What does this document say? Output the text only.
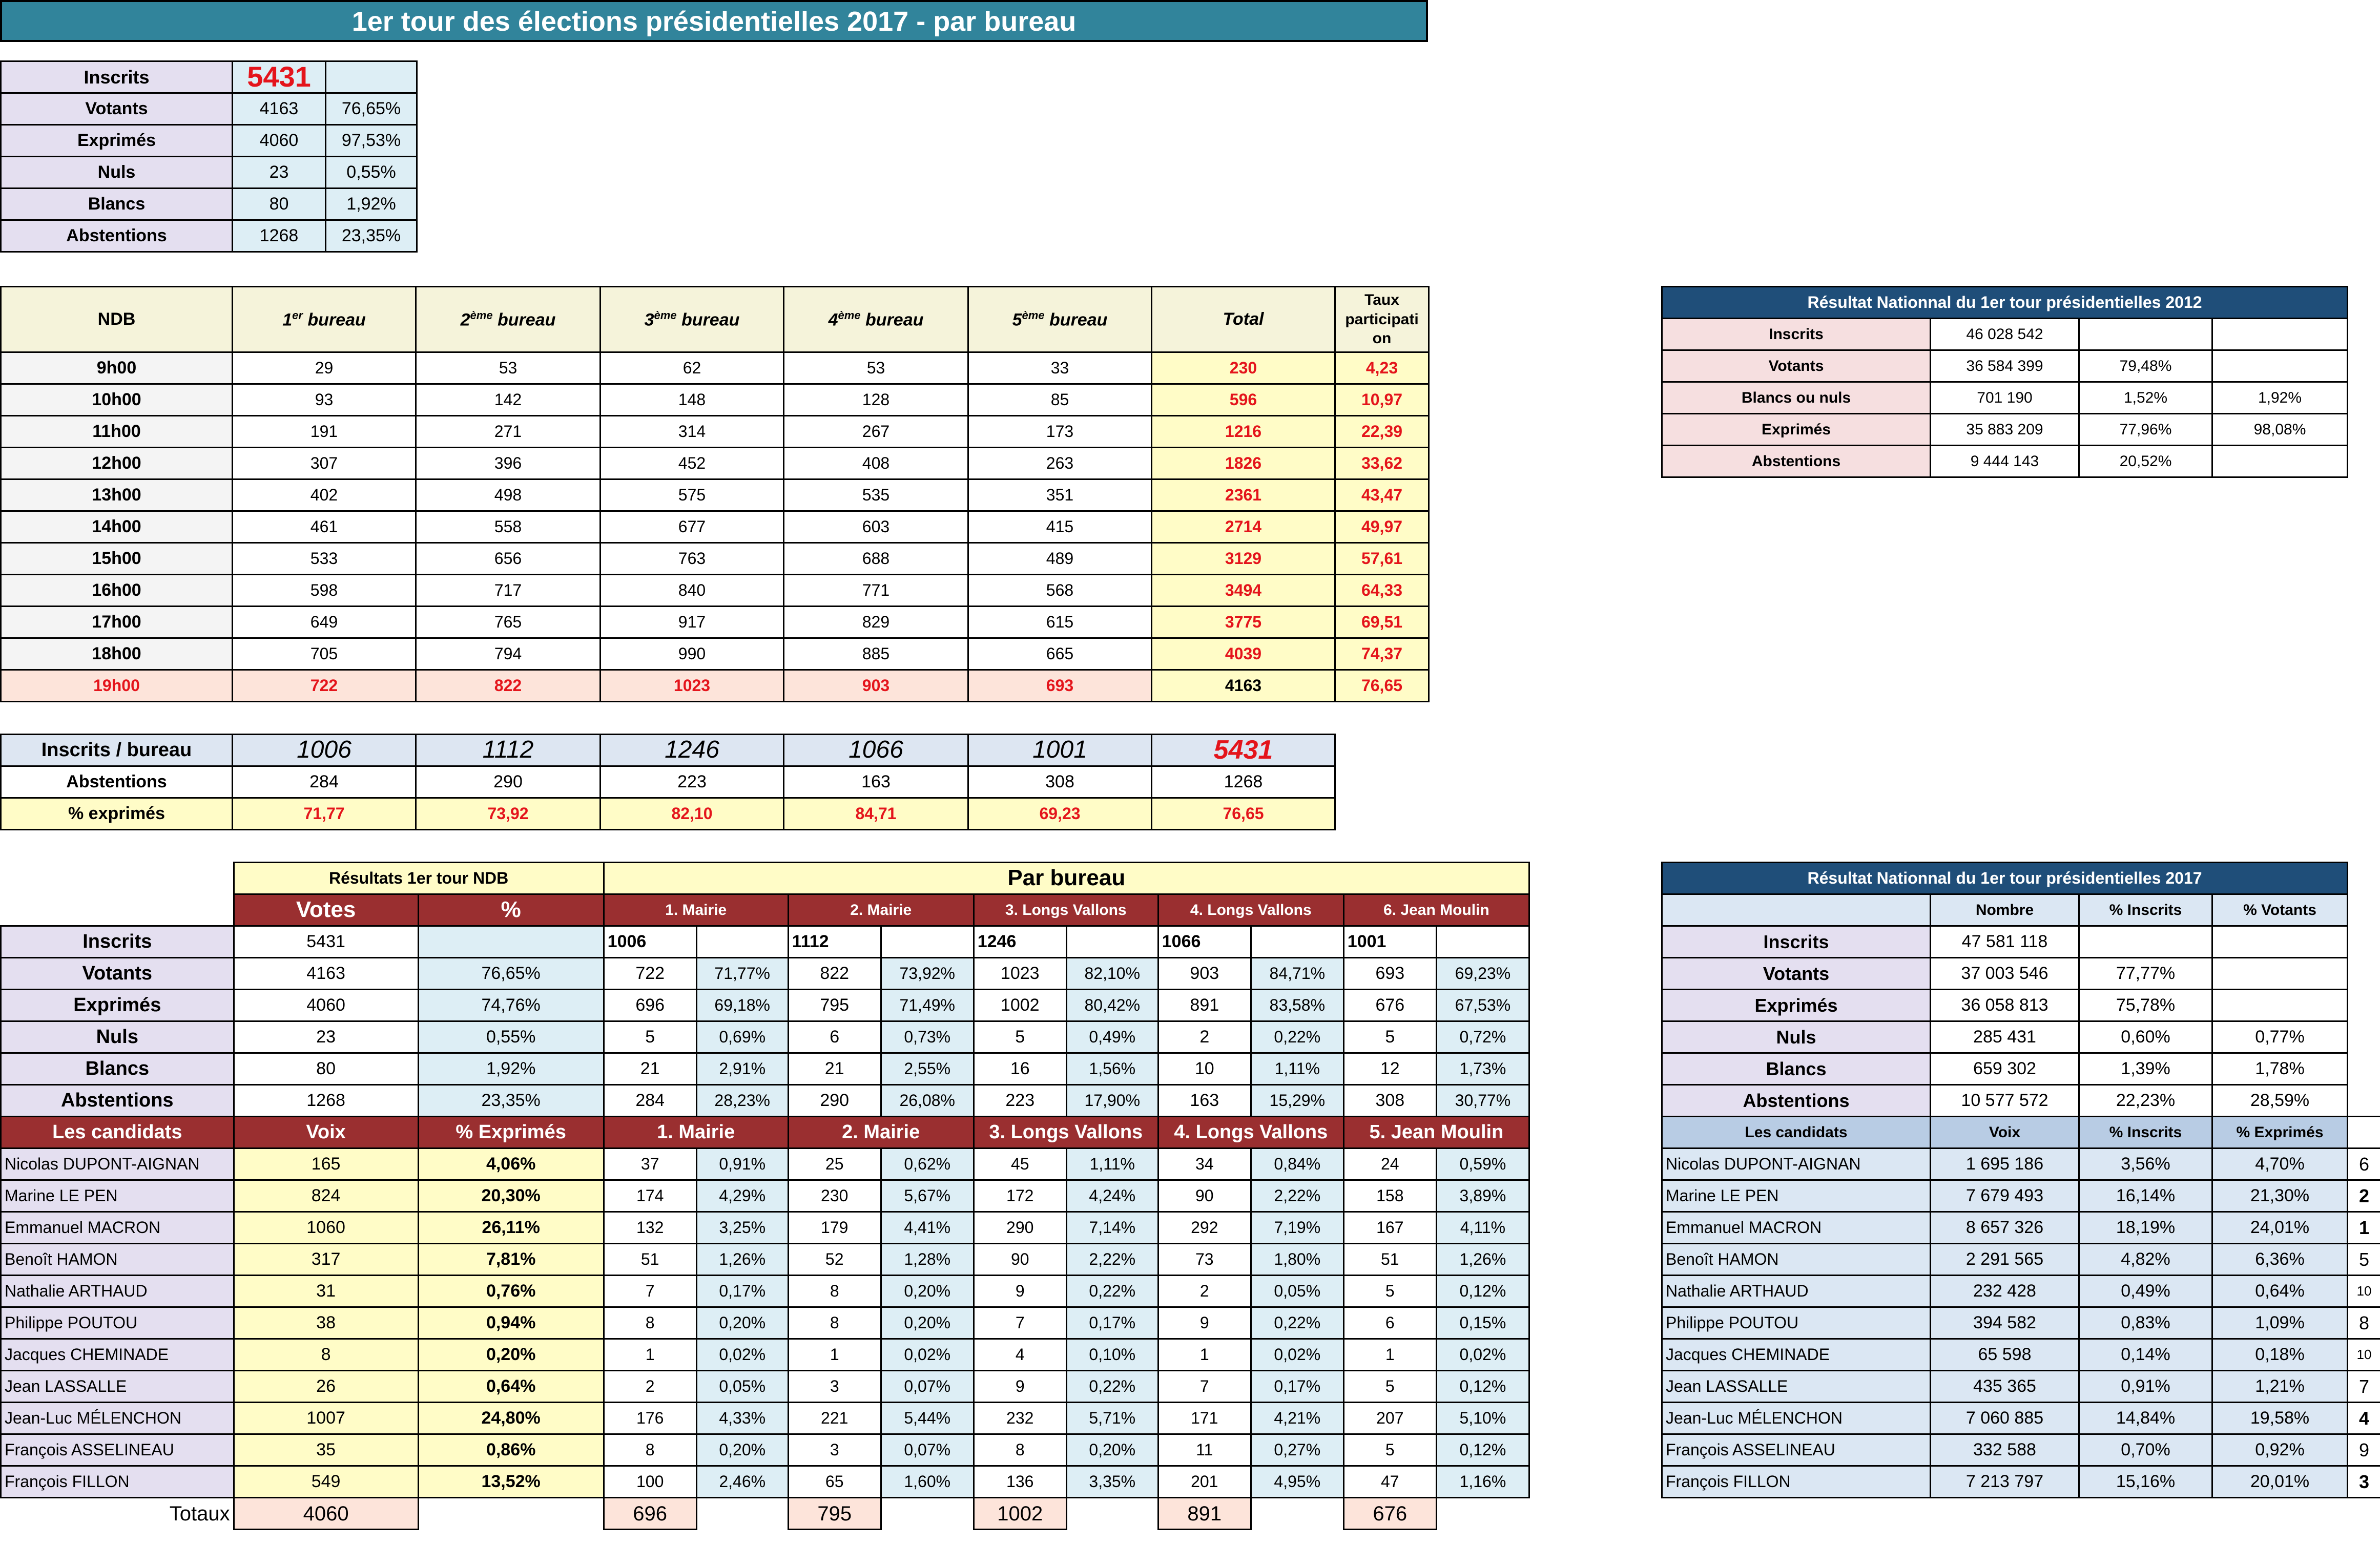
1er tour des élections présidentielles 2017 - par bureau
Inscrits	5431	
Votants	4163	76,65%
Exprimés	4060	97,53%
Nuls	23	0,55%
Blancs	80	1,92%
Abstentions	1268	23,35%
NDB	1er bureau	2ème bureau	3ème bureau	4ème bureau	5ème bureau	Total	Taux participati on
9h00	29	53	62	53	33	230	4,23
10h00	93	142	148	128	85	596	10,97
11h00	191	271	314	267	173	1216	22,39
12h00	307	396	452	408	263	1826	33,62
13h00	402	498	575	535	351	2361	43,47
14h00	461	558	677	603	415	2714	49,97
15h00	533	656	763	688	489	3129	57,61
16h00	598	717	840	771	568	3494	64,33
17h00	649	765	917	829	615	3775	69,51
18h00	705	794	990	885	665	4039	74,37
19h00	722	822	1023	903	693	4163	76,65
Inscrits / bureau	1006	1112	1246	1066	1001	5431
Abstentions	284	290	223	163	308	1268
% exprimés	71,77	73,92	82,10	84,71	69,23	76,65
	Résultats 1er tour NDB		Par bureau									
	Votes	%	1. Mairie		2. Mairie		3. Longs Vallons		4. Longs Vallons		6. Jean Moulin	
Inscrits	5431		1006		1112		1246		1066		1001	
Votants	4163	76,65%	722	71,77%	822	73,92%	1023	82,10%	903	84,71%	693	69,23%
Exprimés	4060	74,76%	696	69,18%	795	71,49%	1002	80,42%	891	83,58%	676	67,53%
Nuls	23	0,55%	5	0,69%	6	0,73%	5	0,49%	2	0,22%	5	0,72%
Blancs	80	1,92%	21	2,91%	21	2,55%	16	1,56%	10	1,11%	12	1,73%
Abstentions	1268	23,35%	284	28,23%	290	26,08%	223	17,90%	163	15,29%	308	30,77%
Les candidats	Voix	% Exprimés	1. Mairie		2. Mairie		3. Longs Vallons		4. Longs Vallons		5. Jean Moulin	
Nicolas DUPONT-AIGNAN	165	4,06%	37	0,91%	25	0,62%	45	1,11%	34	0,84%	24	0,59%
Marine LE PEN	824	20,30%	174	4,29%	230	5,67%	172	4,24%	90	2,22%	158	3,89%
Emmanuel MACRON	1060	26,11%	132	3,25%	179	4,41%	290	7,14%	292	7,19%	167	4,11%
Benoît HAMON	317	7,81%	51	1,26%	52	1,28%	90	2,22%	73	1,80%	51	1,26%
Nathalie ARTHAUD	31	0,76%	7	0,17%	8	0,20%	9	0,22%	2	0,05%	5	0,12%
Philippe POUTOU	38	0,94%	8	0,20%	8	0,20%	7	0,17%	9	0,22%	6	0,15%
Jacques CHEMINADE	8	0,20%	1	0,02%	1	0,02%	4	0,10%	1	0,02%	1	0,02%
Jean LASSALLE	26	0,64%	2	0,05%	3	0,07%	9	0,22%	7	0,17%	5	0,12%
Jean-Luc MÉLENCHON	1007	24,80%	176	4,33%	221	5,44%	232	5,71%	171	4,21%	207	5,10%
François ASSELINEAU	35	0,86%	8	0,20%	3	0,07%	8	0,20%	11	0,27%	5	0,12%
François FILLON	549	13,52%	100	2,46%	65	1,60%	136	3,35%	201	4,95%	47	1,16%
Totaux	4060		696		795		1002		891		676	
Résultat Nationnal du 1er tour présidentielles 2012			
Inscrits	46 028 542		
Votants	36 584 399	79,48%	
Blancs ou nuls	701 190	1,52%	1,92%
Exprimés	35 883 209	77,96%	98,08%
Abstentions	9 444 143	20,52%	
Résultat Nationnal du 1er tour présidentielles 2017				
	Nombre	% Inscrits	% Votants	
Inscrits	47 581 118			
Votants	37 003 546	77,77%		
Exprimés	36 058 813	75,78%		
Nuls	285 431	0,60%	0,77%	
Blancs	659 302	1,39%	1,78%	
Abstentions	10 577 572	22,23%	28,59%	
Les candidats	Voix	% Inscrits	% Exprimés	
Nicolas DUPONT-AIGNAN	1 695 186	3,56%	4,70%	6
Marine LE PEN	7 679 493	16,14%	21,30%	2
Emmanuel MACRON	8 657 326	18,19%	24,01%	1
Benoît HAMON	2 291 565	4,82%	6,36%	5
Nathalie ARTHAUD	232 428	0,49%	0,64%	10
Philippe POUTOU	394 582	0,83%	1,09%	8
Jacques CHEMINADE	65 598	0,14%	0,18%	10
Jean LASSALLE	435 365	0,91%	1,21%	7
Jean-Luc MÉLENCHON	7 060 885	14,84%	19,58%	4
François ASSELINEAU	332 588	0,70%	0,92%	9
François FILLON	7 213 797	15,16%	20,01%	3
